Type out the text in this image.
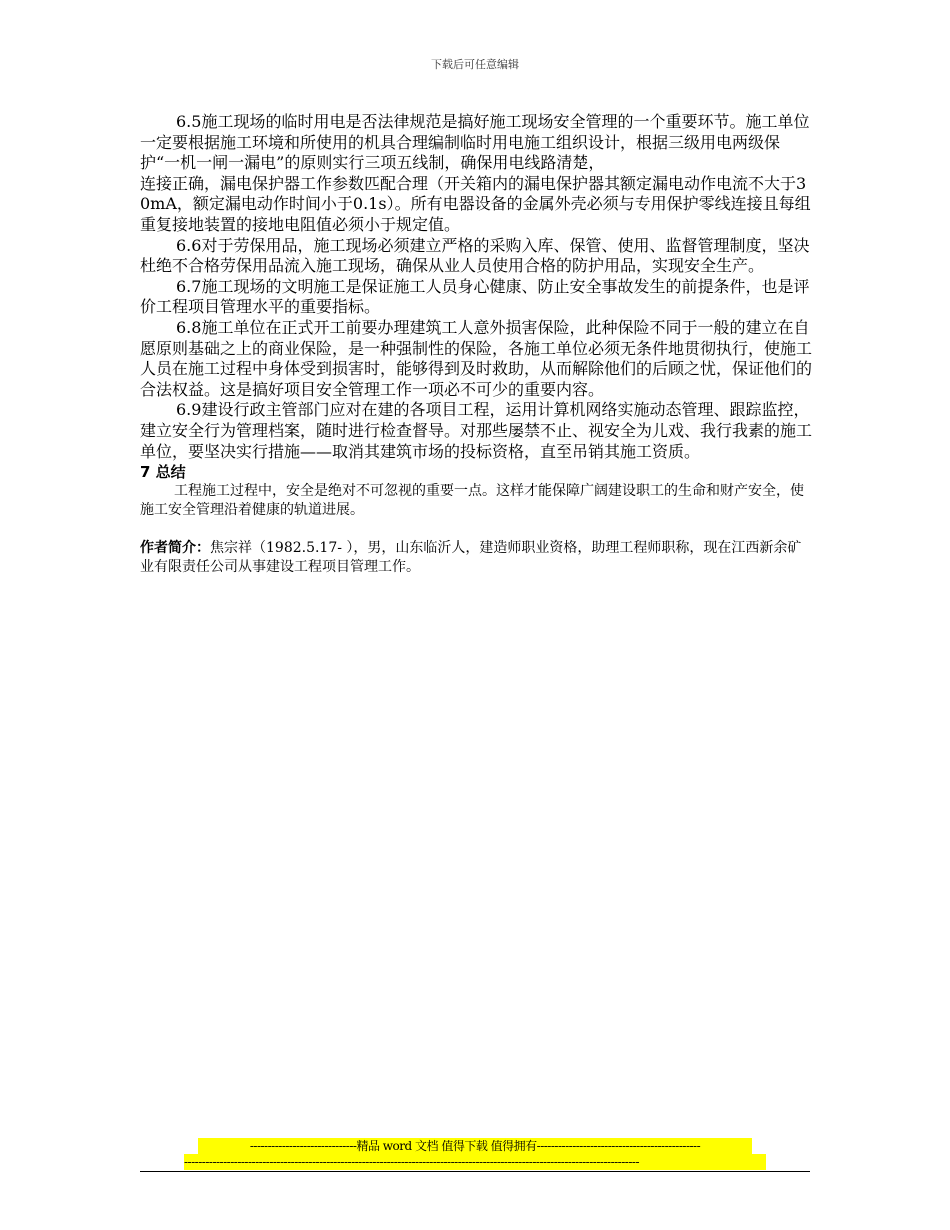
下载后可任意编辑

6.5施工现场的临时用电是否法律规范是搞好施工现场安全管理的一个重要环节。施工单位一定要根据施工环境和所使用的机具合理编制临时用电施工组织设计，根据三级用电两级保护“一机一闸一漏电”的原则实行三项五线制，确保用电线路清楚，

连接正确，漏电保护器工作参数匹配合理（开关箱内的漏电保护器其额定漏电动作电流不大于30mA，额定漏电动作时间小于0.1s）。所有电器设备的金属外壳必须与专用保护零线连接且每组重复接地装置的接地电阻值必须小于规定值。

6.6对于劳保用品，施工现场必须建立严格的采购入库、保管、使用、监督管理制度，坚决杜绝不合格劳保用品流入施工现场，确保从业人员使用合格的防护用品，实现安全生产。

6.7施工现场的文明施工是保证施工人员身心健康、防止安全事故发生的前提条件，也是评价工程项目管理水平的重要指标。

6.8施工单位在正式开工前要办理建筑工人意外损害保险，此种保险不同于一般的建立在自愿原则基础之上的商业保险，是一种强制性的保险，各施工单位必须无条件地贯彻执行，使施工人员在施工过程中身体受到损害时，能够得到及时救助，从而解除他们的后顾之忧，保证他们的合法权益。这是搞好项目安全管理工作一项必不可少的重要内容。

6.9建设行政主管部门应对在建的各项目工程，运用计算机网络实施动态管理、跟踪监控，建立安全行为管理档案，随时进行检查督导。对那些屡禁不止、视安全为儿戏、我行我素的施工单位，要坚决实行措施——取消其建筑市场的投标资格，直至吊销其施工资质。

7 总结

工程施工过程中，安全是绝对不可忽视的重要一点。这样才能保障广阔建设职工的生命和财产安全，使施工安全管理沿着健康的轨道进展。

作者简介：焦宗祥（1982.5.17- ），男，山东临沂人，建造师职业资格，助理工程师职称，现在江西新余矿业有限责任公司从事建设工程项目管理工作。

------------------------------精品 word 文档 值得下载 值得拥有----------------------------------------------
--------------------------------------------------------------------------------------------------------------------------------
